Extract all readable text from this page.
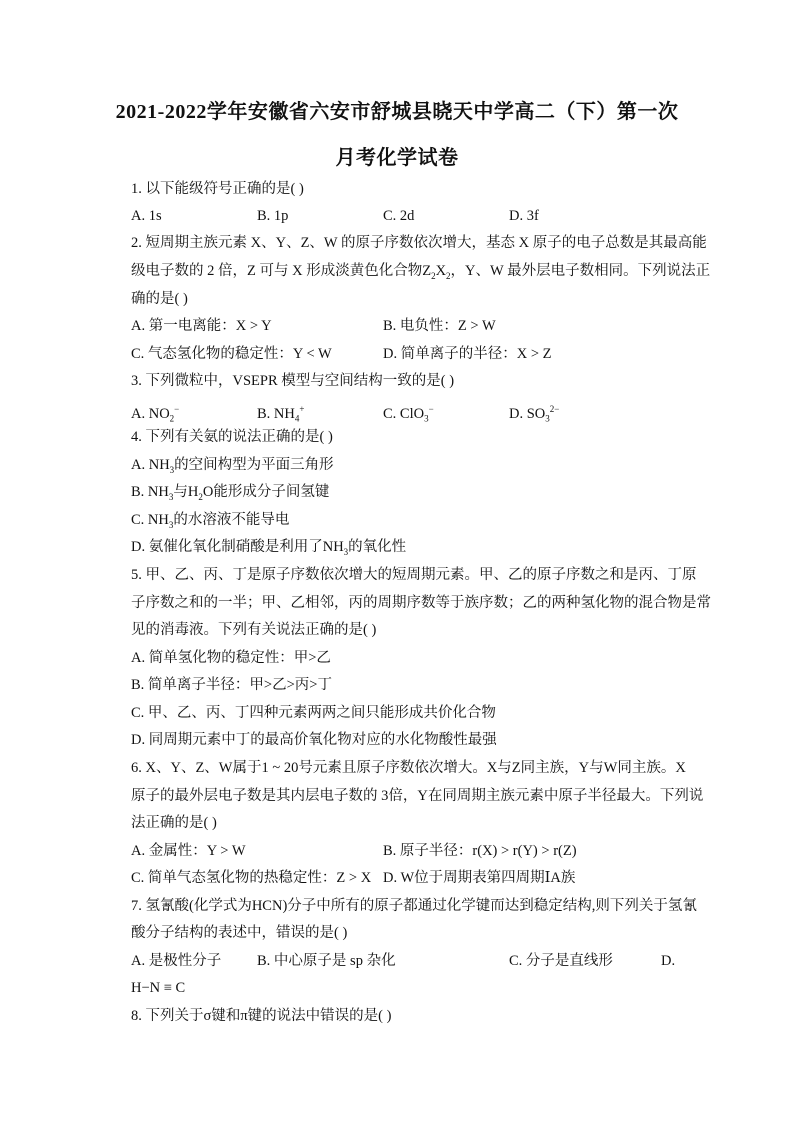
2021-2022学年安徽省六安市舒城县晓天中学高二（下）第一次
月考化学试卷
1. 以下能级符号正确的是( )
A. 1s	B. 1p	C. 2d	D. 3f
2. 短周期主族元素 X、Y、Z、W 的原子序数依次增大，基态 X 原子的电子总数是其最高能
级电子数的 2 倍，Z 可与 X 形成淡黄色化合物$Z_2X_2$，Y、W 最外层电子数相同。下列说法正
确的是( )
A. 第一电离能：X > Y	B. 电负性：Z > W
C. 气态氢化物的稳定性：Y < W	D. 简单离子的半径：X > Z
3. 下列微粒中，VSEPR 模型与空间结构一致的是( )
A. $NO_2^-$	B. $NH_4^+$	C. ClO$_3$−	D. $SO_3^{2-}$
4. 下列有关氨的说法正确的是( )
A. $NH_3$的空间构型为平面三角形
B. $NH_3$与$H_2O$能形成分子间氢键
C. $NH_3$的水溶液不能导电
D. 氨催化氧化制硝酸是利用了$NH_3$的氧化性
5. 甲、乙、丙、丁是原子序数依次增大的短周期元素。甲、乙的原子序数之和是丙、丁原
子序数之和的一半；甲、乙相邻，丙的周期序数等于族序数；乙的两种氢化物的混合物是常
见的消毒液。下列有关说法正确的是( )
A. 简单氢化物的稳定性：甲>乙
B. 简单离子半径：甲>乙>丙>丁
C. 甲、乙、丙、丁四种元素两两之间只能形成共价化合物
D. 同周期元素中丁的最高价氧化物对应的水化物酸性最强
6. X、Y、Z、W属于1 ~ 20号元素且原子序数依次增大。X与Z同主族，Y与W同主族。X
原子的最外层电子数是其内层电子数的 3倍，Y在同周期主族元素中原子半径最大。下列说
法正确的是( )
A. 金属性：Y > W	B. 原子半径：r(X) > r(Y) > r(Z)
C. 简单气态氢化物的热稳定性：Z > X D. W位于周期表第四周期ⅠA族
7. 氢氰酸(化学式为HCN)分子中所有的原子都通过化学键而达到稳定结构,则下列关于氢氰
酸分子结构的表述中，错误的是( )
A. 是极性分子 B. 中心原子是 sp 杂化	C. 分子是直线形	D.
H−N ≡ C
8. 下列关于σ键和π键的说法中错误的是( )
